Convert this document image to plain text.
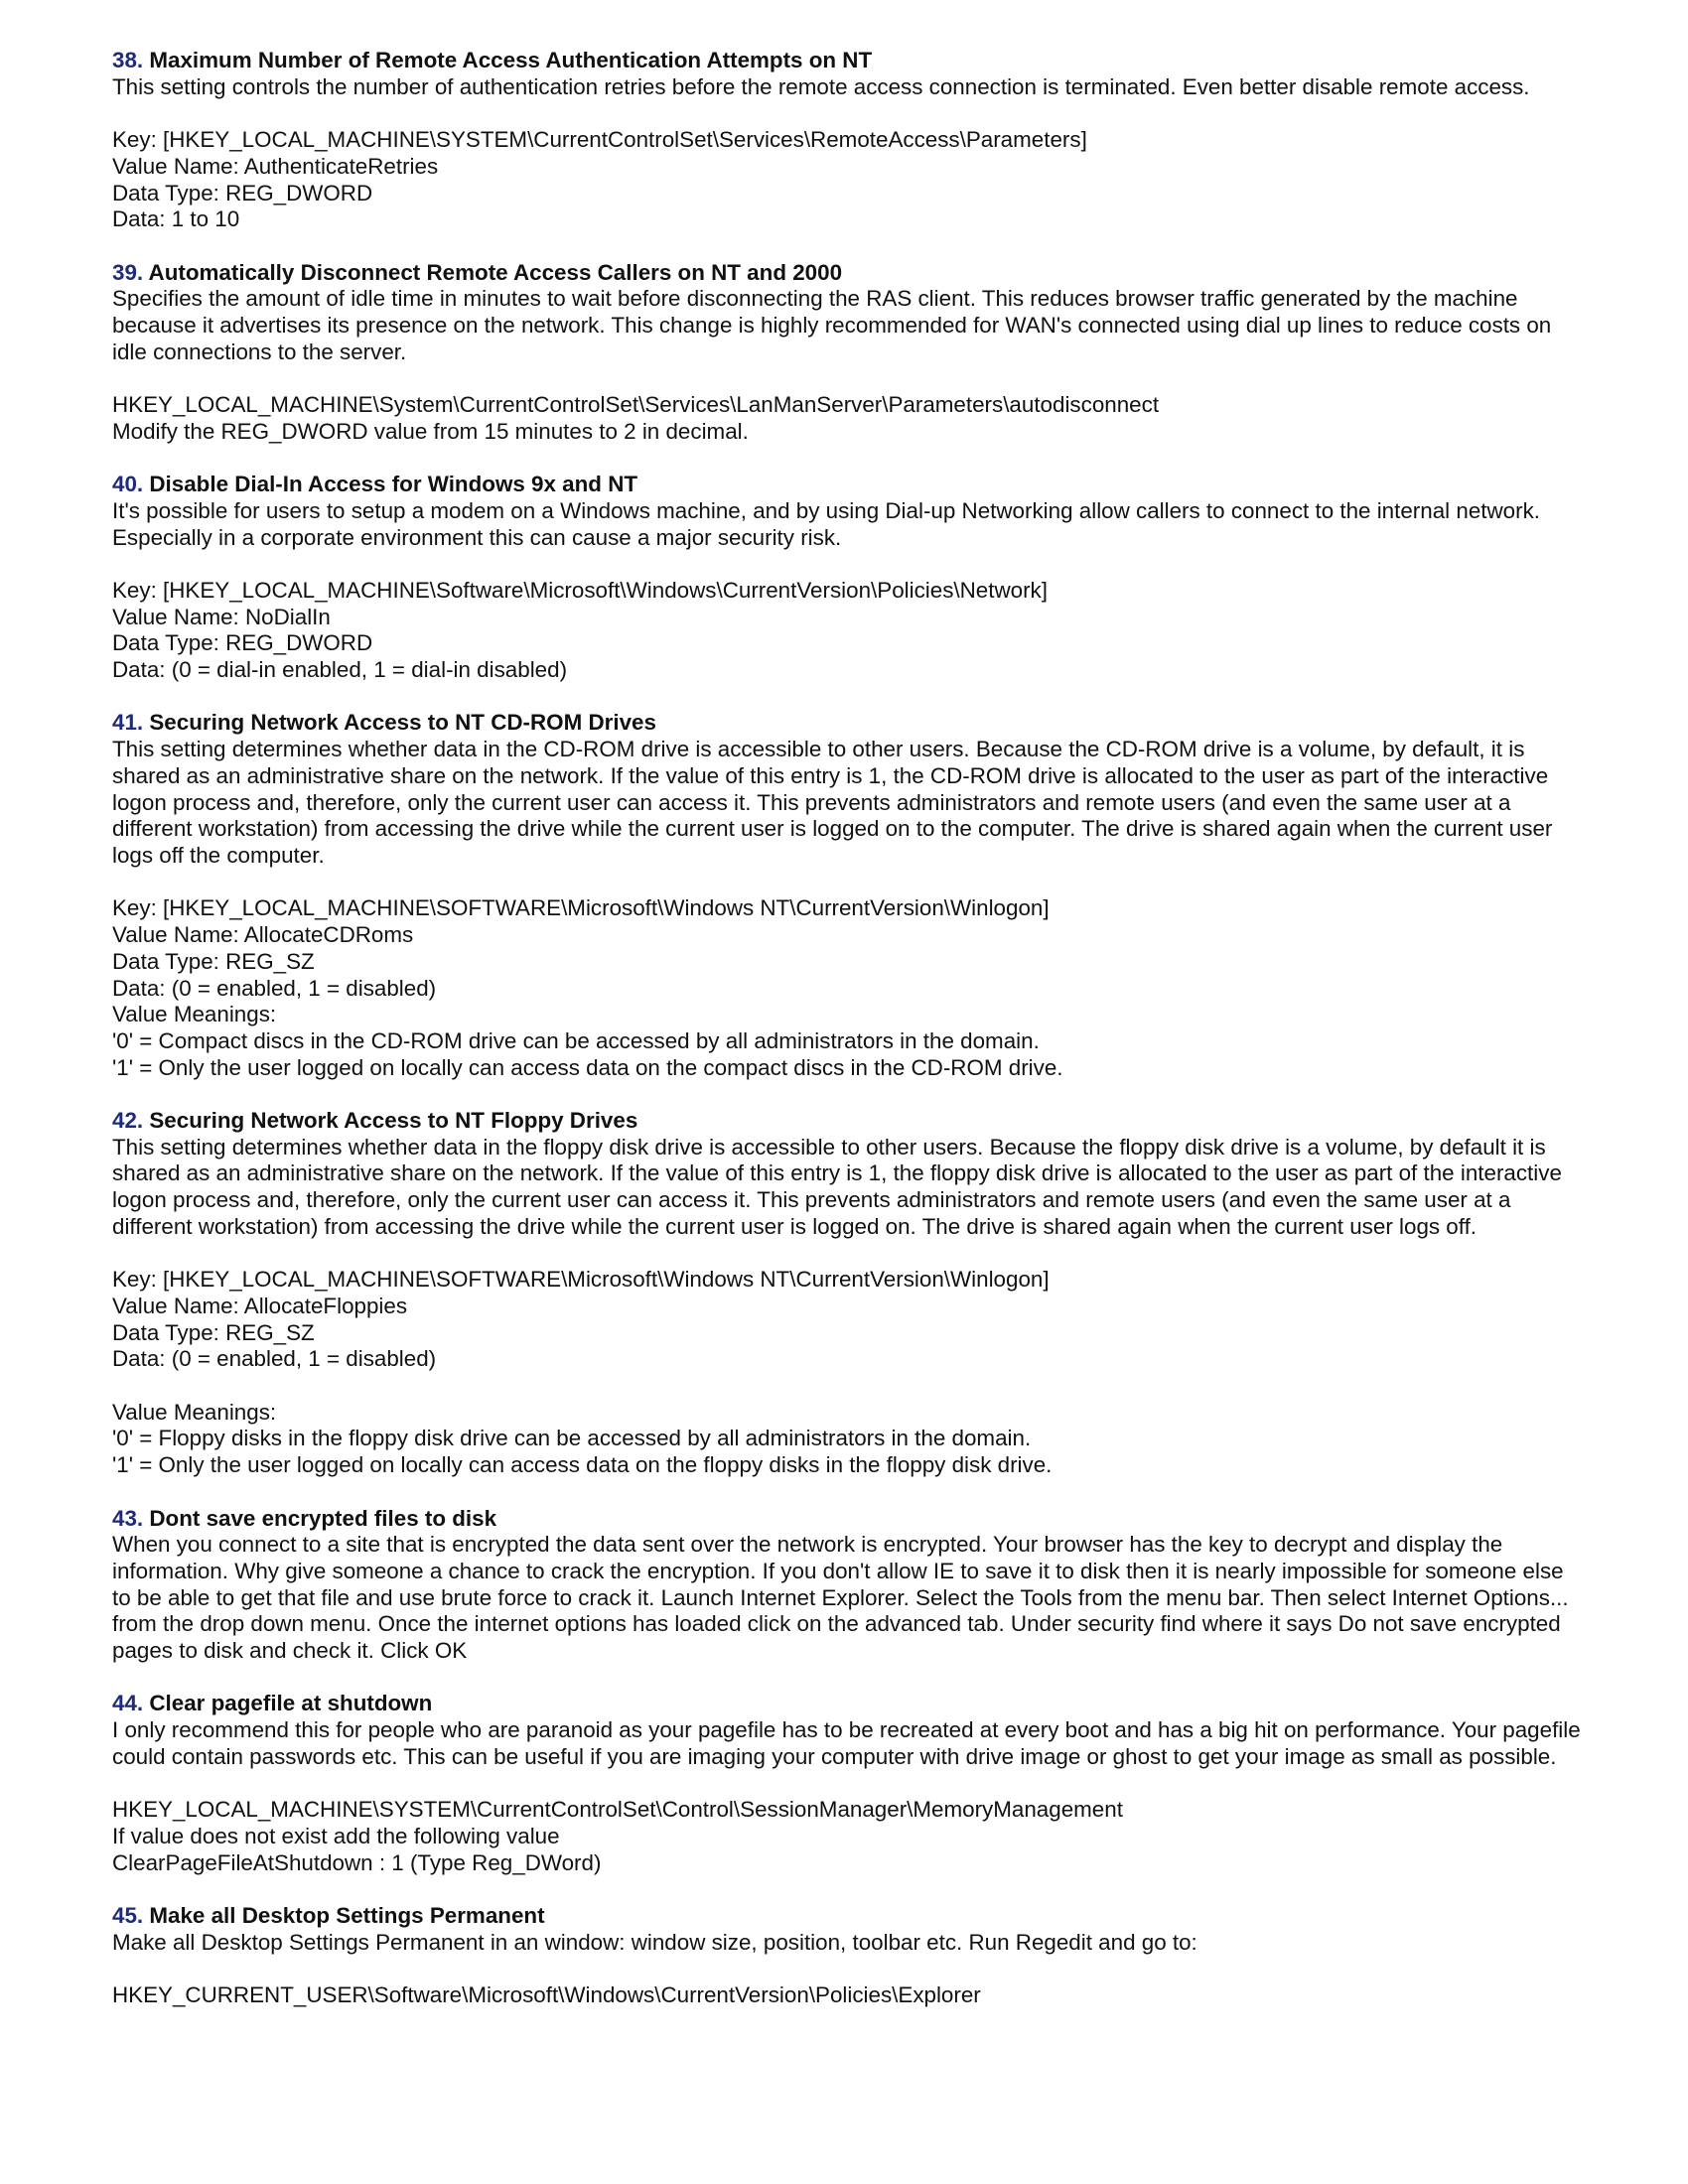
38. Maximum Number of Remote Access Authentication Attempts on NT

This setting controls the number of authentication retries before the remote access connection is terminated. Even better disable remote access.

Key: [HKEY_LOCAL_MACHINE\SYSTEM\CurrentControlSet\Services\RemoteAccess\Parameters]
Value Name: AuthenticateRetries
Data Type: REG_DWORD
Data: 1 to 10
39. Automatically Disconnect Remote Access Callers on NT and 2000

Specifies the amount of idle time in minutes to wait before disconnecting the RAS client. This reduces browser traffic generated by the machine because it advertises its presence on the network. This change is highly recommended for WAN's connected using dial up lines to reduce costs on idle connections to the server.

HKEY_LOCAL_MACHINE\System\CurrentControlSet\Services\LanManServer\Parameters\autodisconnect
Modify the REG_DWORD value from 15 minutes to 2 in decimal.
40. Disable Dial-In Access for Windows 9x and NT

It's possible for users to setup a modem on a Windows machine, and by using Dial-up Networking allow callers to connect to the internal network. Especially in a corporate environment this can cause a major security risk.

Key: [HKEY_LOCAL_MACHINE\Software\Microsoft\Windows\CurrentVersion\Policies\Network]
Value Name: NoDialIn
Data Type: REG_DWORD
Data: (0 = dial-in enabled, 1 = dial-in disabled)
41. Securing Network Access to NT CD-ROM Drives

This setting determines whether data in the CD-ROM drive is accessible to other users. Because the CD-ROM drive is a volume, by default, it is shared as an administrative share on the network. If the value of this entry is 1, the CD-ROM drive is allocated to the user as part of the interactive logon process and, therefore, only the current user can access it. This prevents administrators and remote users (and even the same user at a different workstation) from accessing the drive while the current user is logged on to the computer. The drive is shared again when the current user logs off the computer.

Key: [HKEY_LOCAL_MACHINE\SOFTWARE\Microsoft\Windows NT\CurrentVersion\Winlogon]
Value Name: AllocateCDRoms
Data Type: REG_SZ
Data: (0 = enabled, 1 = disabled)
Value Meanings:
'0' = Compact discs in the CD-ROM drive can be accessed by all administrators in the domain.
'1' = Only the user logged on locally can access data on the compact discs in the CD-ROM drive.
42. Securing Network Access to NT Floppy Drives

This setting determines whether data in the floppy disk drive is accessible to other users. Because the floppy disk drive is a volume, by default it is shared as an administrative share on the network. If the value of this entry is 1, the floppy disk drive is allocated to the user as part of the interactive logon process and, therefore, only the current user can access it. This prevents administrators and remote users (and even the same user at a different workstation) from accessing the drive while the current user is logged on. The drive is shared again when the current user logs off.

Key: [HKEY_LOCAL_MACHINE\SOFTWARE\Microsoft\Windows NT\CurrentVersion\Winlogon]
Value Name: AllocateFloppies
Data Type: REG_SZ
Data: (0 = enabled, 1 = disabled)
Value Meanings:
'0' = Floppy disks in the floppy disk drive can be accessed by all administrators in the domain.
'1' = Only the user logged on locally can access data on the floppy disks in the floppy disk drive.
43. Dont save encrypted files to disk

When you connect to a site that is encrypted the data sent over the network is encrypted. Your browser has the key to decrypt and display the information. Why give someone a chance to crack the encryption. If you don't allow IE to save it to disk then it is nearly impossible for someone else to be able to get that file and use brute force to crack it. Launch Internet Explorer. Select the Tools from the menu bar. Then select Internet Options... from the drop down menu. Once the internet options has loaded click on the advanced tab. Under security find where it says Do not save encrypted pages to disk and check it. Click OK

44. Clear pagefile at shutdown

I only recommend this for people who are paranoid as your pagefile has to be recreated at every boot and has a big hit on performance. Your pagefile could contain passwords etc. This can be useful if you are imaging your computer with drive image or ghost to get your image as small as possible.

HKEY_LOCAL_MACHINE\SYSTEM\CurrentControlSet\Control\SessionManager\MemoryManagement
If value does not exist add the following value
ClearPageFileAtShutdown : 1 (Type Reg_DWord)
45. Make all Desktop Settings Permanent

Make all Desktop Settings Permanent in an window: window size, position, toolbar etc. Run Regedit and go to:

HKEY_CURRENT_USER\Software\Microsoft\Windows\CurrentVersion\Policies\Explorer
